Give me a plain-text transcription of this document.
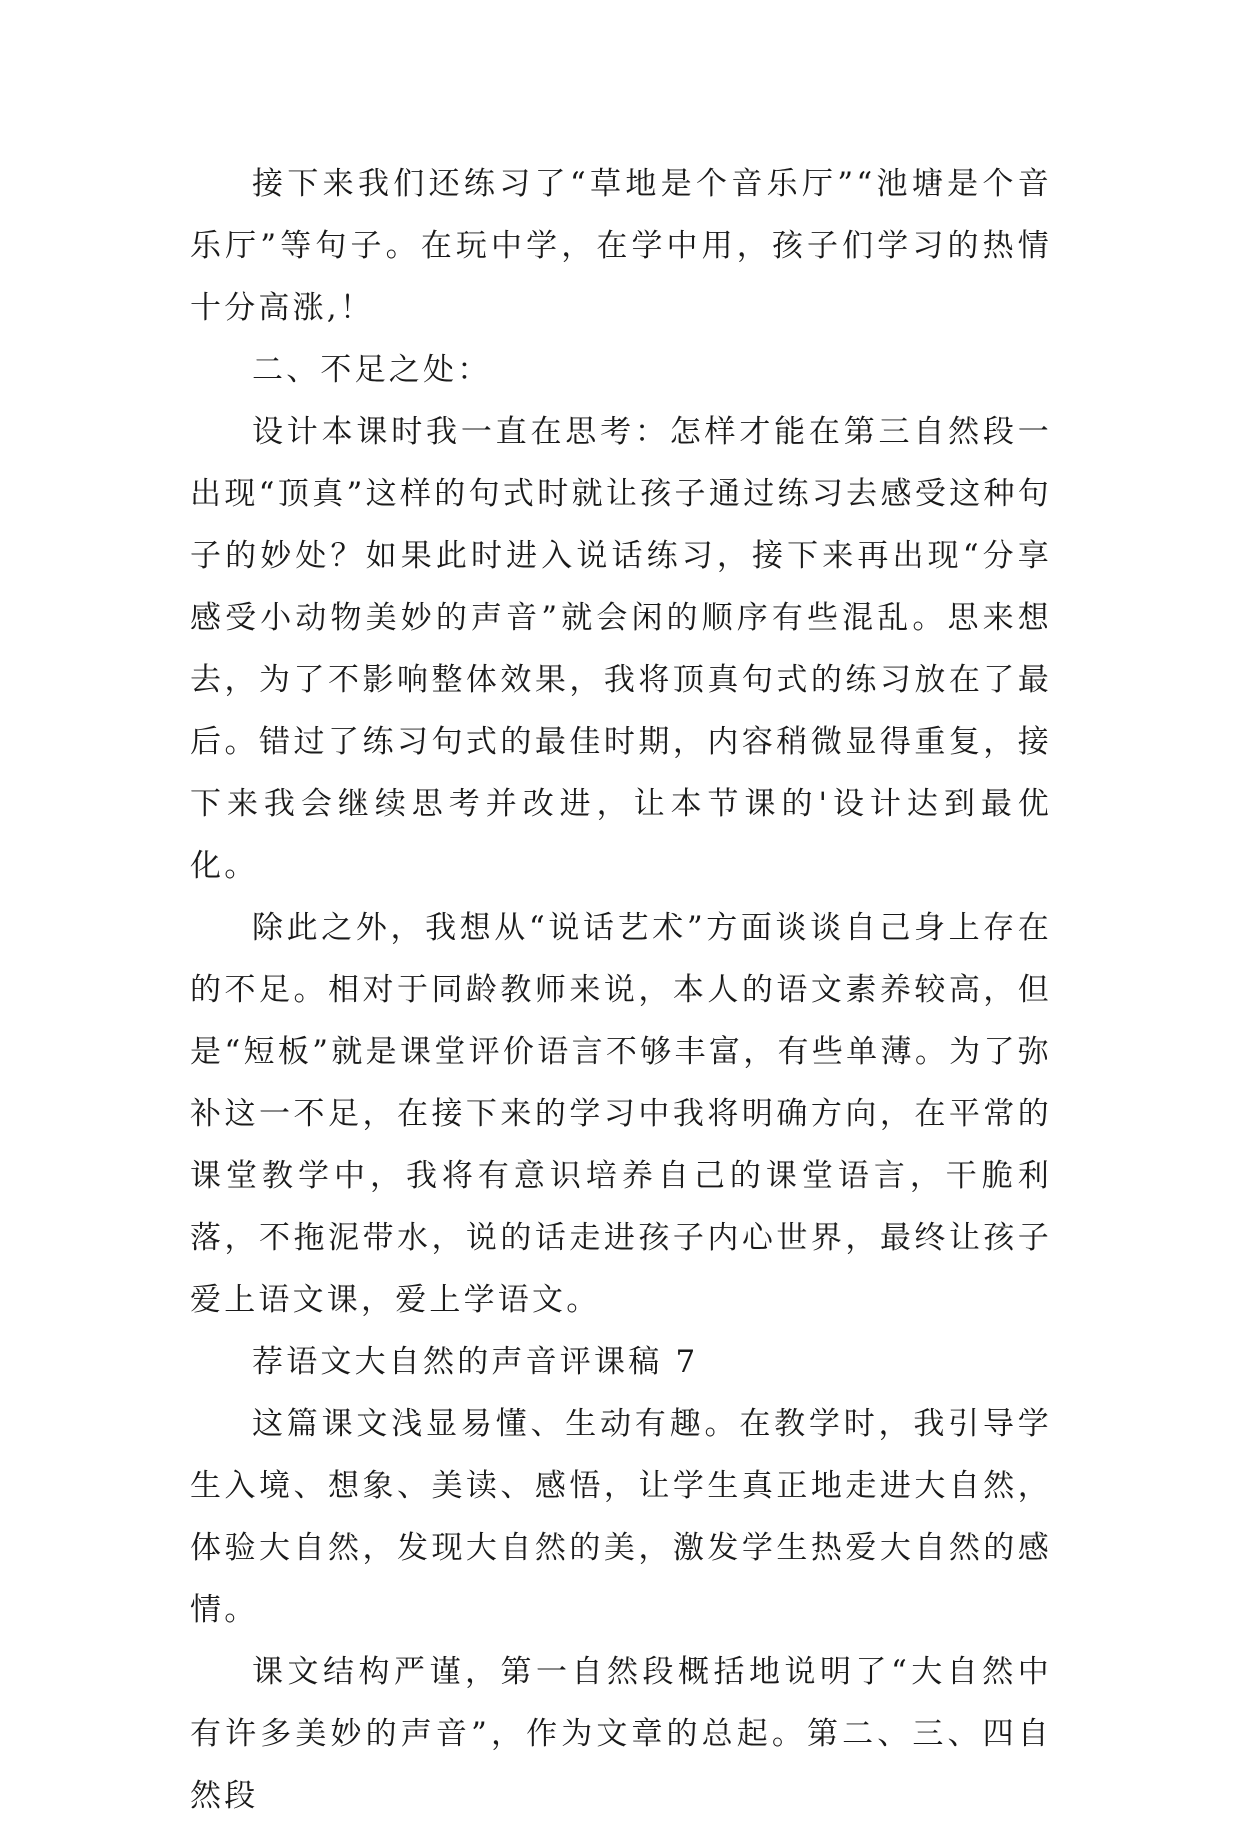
接下来我们还练习了“草地是个音乐厅”“池塘是个音乐厅”等句子。在玩中学，在学中用，孩子们学习的热情十分高涨,！

二、不足之处：

设计本课时我一直在思考：怎样才能在第三自然段一出现“顶真”这样的句式时就让孩子通过练习去感受这种句子的妙处？如果此时进入说话练习，接下来再出现“分享感受小动物美妙的声音”就会闲的顺序有些混乱。思来想去，为了不影响整体效果，我将顶真句式的练习放在了最后。错过了练习句式的最佳时期，内容稍微显得重复，接下来我会继续思考并改进，让本节课的'设计达到最优化。

除此之外，我想从“说话艺术”方面谈谈自己身上存在的不足。相对于同龄教师来说，本人的语文素养较高，但是“短板”就是课堂评价语言不够丰富，有些单薄。为了弥补这一不足，在接下来的学习中我将明确方向，在平常的课堂教学中，我将有意识培养自己的课堂语言，干脆利落，不拖泥带水，说的话走进孩子内心世界，最终让孩子爱上语文课，爱上学语文。

荐语文大自然的声音评课稿 7

这篇课文浅显易懂、生动有趣。在教学时，我引导学生入境、想象、美读、感悟，让学生真正地走进大自然，体验大自然，发现大自然的美，激发学生热爱大自然的感情。

课文结构严谨，第一自然段概括地说明了“大自然中有许多美妙的声音”，作为文章的总起。第二、三、四自然段
